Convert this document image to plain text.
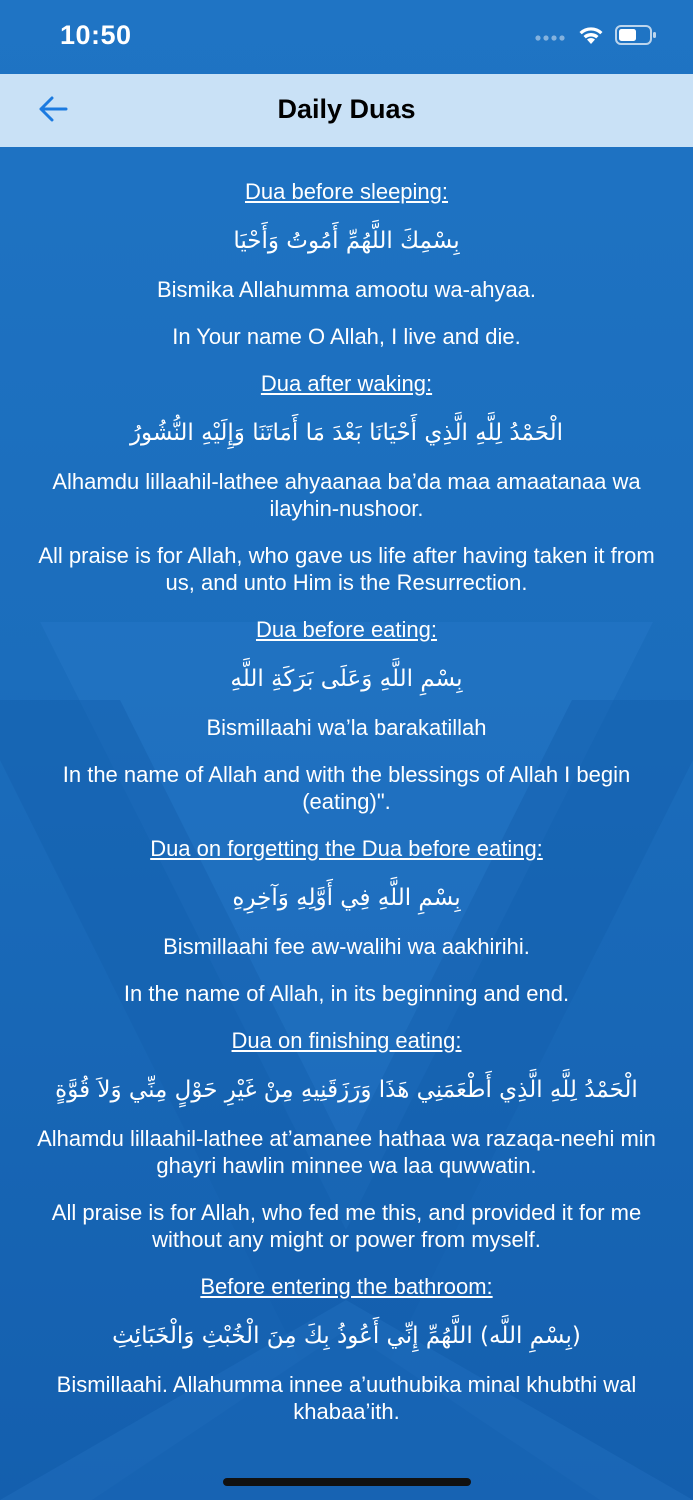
10:50
Daily Duas
Dua before sleeping:
بِسْمِكَ اللَّهُمِّ أَمُوتُ وَأَحْيَا
Bismika Allahumma amootu wa-ahyaa.
In Your name O Allah, I live and die.
Dua after waking:
الْحَمْدُ لِلَّهِ الَّذِي أَحْيَانَا بَعْدَ مَا أَمَاتَنَا وَإِلَيْهِ النُّشُورُ
Alhamdu lillaahil-lathee ahyaanaa ba’da maa amaatanaa wa ilayhin-nushoor.
All praise is for Allah, who gave us life after having taken it from us, and unto Him is the Resurrection.
Dua before eating:
بِسْمِ اللَّهِ وَعَلَى بَرَكَةِ اللَّهِ
Bismillaahi wa’la barakatillah
In the name of Allah and with the blessings of Allah I begin (eating)".
Dua on forgetting the Dua before eating:
بِسْمِ اللَّهِ فِي أَوَّلِهِ وَآخِرِهِ
Bismillaahi fee aw-walihi wa aakhirihi.
In the name of Allah, in its beginning and end.
Dua on finishing eating:
الْحَمْدُ لِلَّهِ الَّذِي أَطْعَمَنِي هَذَا وَرَزَقَنِيهِ مِنْ غَيْرِ حَوْلٍ مِنِّي وَلاَ قُوَّةٍ
Alhamdu lillaahil-lathee at’amanee hathaa wa razaqa-neehi min ghayri hawlin minnee wa laa quwwatin.
All praise is for Allah, who fed me this, and provided it for me without any might or power from myself.
Before entering the bathroom:
(بِسْمِ اللَّه) اللَّهُمِّ إِنِّي أَعُوذُ بِكَ مِنَ الْخُبْثِ وَالْخَبَائِثِ
Bismillaahi. Allahumma innee a’uuthubika minal khubthi wal khabaa’ith.
